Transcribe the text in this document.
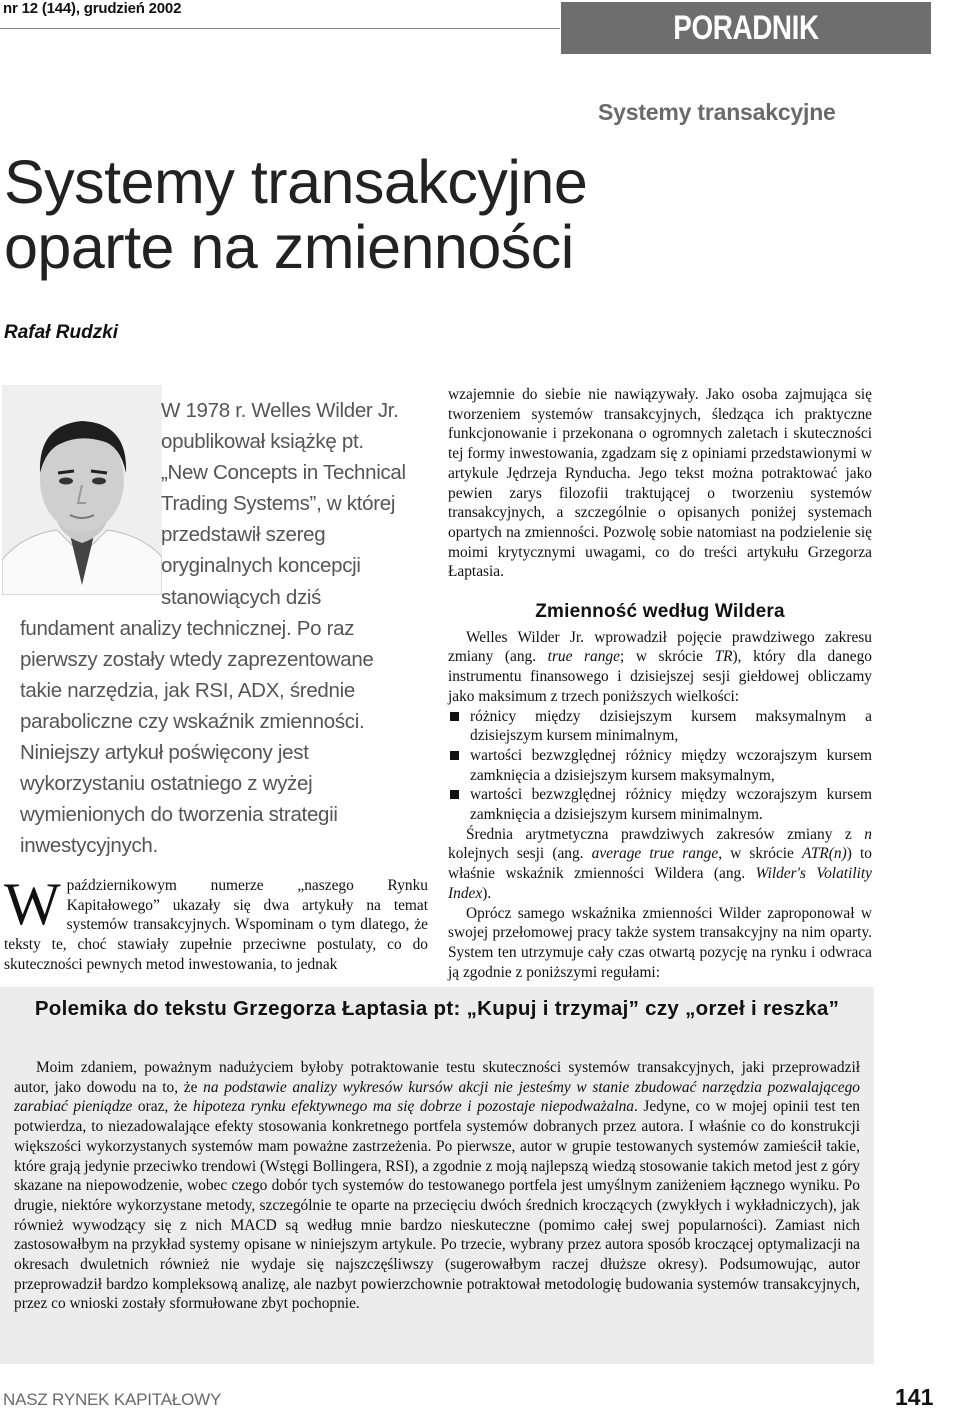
nr 12 (144), grudzień 2002
PORADNIK INWESTORA
Systemy transakcyjne
Systemy transakcyjne
oparte na zmienności
Rafał Rudzki
W 1978 r. Welles Wilder Jr. opublikował książkę pt. „New Concepts in Technical Trading Systems”, w której przedstawił szereg oryginalnych koncepcji stanowiących dziś fundament analizy technicznej. Po raz pierwszy zostały wtedy zaprezentowane takie narzędzia, jak RSI, ADX, średnie paraboliczne czy wskaźnik zmienności. Niniejszy artykuł poświęcony jest wykorzystaniu ostatniego z wyżej wymienionych do tworzenia strategii inwestycyjnych.
Wpaździernikowym numerze „naszego Rynku Kapitałowego” ukazały się dwa artykuły na temat systemów transakcyjnych. Wspominam o tym dlatego, że teksty te, choć stawiały zupełnie przeciwne postulaty, co do skuteczności pewnych metod inwestowania, to jednak

wzajemnie do siebie nie nawiązywały. Jako osoba zajmująca się tworzeniem systemów transakcyjnych, śledząca ich praktyczne funkcjonowanie i przekonana o ogromnych zaletach i skuteczności tej formy inwestowania, zgadzam się z opiniami przedstawionymi w artykule Jędrzeja Rynducha. Jego tekst można potraktować jako pewien zarys filozofii traktującej o tworzeniu systemów transakcyjnych, a szczególnie o opisanych poniżej systemach opartych na zmienności. Pozwolę sobie natomiast na podzielenie się moimi krytycznymi uwagami, co do treści artykułu Grzegorza Łaptasia.

Zmienność według Wildera

Welles Wilder Jr. wprowadził pojęcie prawdziwego zakresu zmiany (ang. true range; w skrócie TR), który dla danego instrumentu finansowego i dzisiejszej sesji giełdowej obliczamy jako maksimum z trzech poniższych wielkości:

różnicy między dzisiejszym kursem maksymalnym a dzisiejszym kursem minimalnym,
wartości bezwzględnej różnicy między wczorajszym kursem zamknięcia a dzisiejszym kursem maksymalnym,
wartości bezwzględnej różnicy między wczorajszym kursem zamknięcia a dzisiejszym kursem minimalnym.

Średnia arytmetyczna prawdziwych zakresów zmiany z n kolejnych sesji (ang. average true range, w skrócie ATR(n)) to właśnie wskaźnik zmienności Wildera (ang. Wilder's Volatility Index).

Oprócz samego wskaźnika zmienności Wilder zaproponował w swojej przełomowej pracy także system transakcyjny na nim oparty. System ten utrzymuje cały czas otwartą pozycję na rynku i odwraca ją zgodnie z poniższymi regułami:

Polemika do tekstu Grzegorza Łaptasia pt: „Kupuj i trzymaj” czy „orzeł i reszka”
Moim zdaniem, poważnym nadużyciem byłoby potraktowanie testu skuteczności systemów transakcyjnych, jaki przeprowadził autor, jako dowodu na to, że na podstawie analizy wykresów kursów akcji nie jesteśmy w stanie zbudować narzędzia pozwalającego zarabiać pieniądze oraz, że hipoteza rynku efektywnego ma się dobrze i pozostaje niepodważalna. Jedyne, co w mojej opinii test ten potwierdza, to niezadowalające efekty stosowania konkretnego portfela systemów dobranych przez autora. I właśnie co do konstrukcji większości wykorzystanych systemów mam poważne zastrzeżenia. Po pierwsze, autor w grupie testowanych systemów zamieścił takie, które grają jedynie przeciwko trendowi (Wstęgi Bollingera, RSI), a zgodnie z moją najlepszą wiedzą stosowanie takich metod jest z góry skazane na niepowodzenie, wobec czego dobór tych systemów do testowanego portfela jest umyślnym zaniżeniem łącznego wyniku. Po drugie, niektóre wykorzystane metody, szczególnie te oparte na przecięciu dwóch średnich kroczących (zwykłych i wykładniczych), jak również wywodzący się z nich MACD są według mnie bardzo nieskuteczne (pomimo całej swej popularności). Zamiast nich zastosowałbym na przykład systemy opisane w niniejszym artykule. Po trzecie, wybrany przez autora sposób kroczącej optymalizacji na okresach dwuletnich również nie wydaje się najszczęśliwszy (sugerowałbym raczej dłuższe okresy). Podsumowując, autor przeprowadził bardzo kompleksową analizę, ale nazbyt powierzchownie potraktował metodologię budowania systemów transakcyjnych, przez co wnioski zostały sformułowane zbyt pochopnie.
NASZ RYNEK KAPITAŁOWY	141
